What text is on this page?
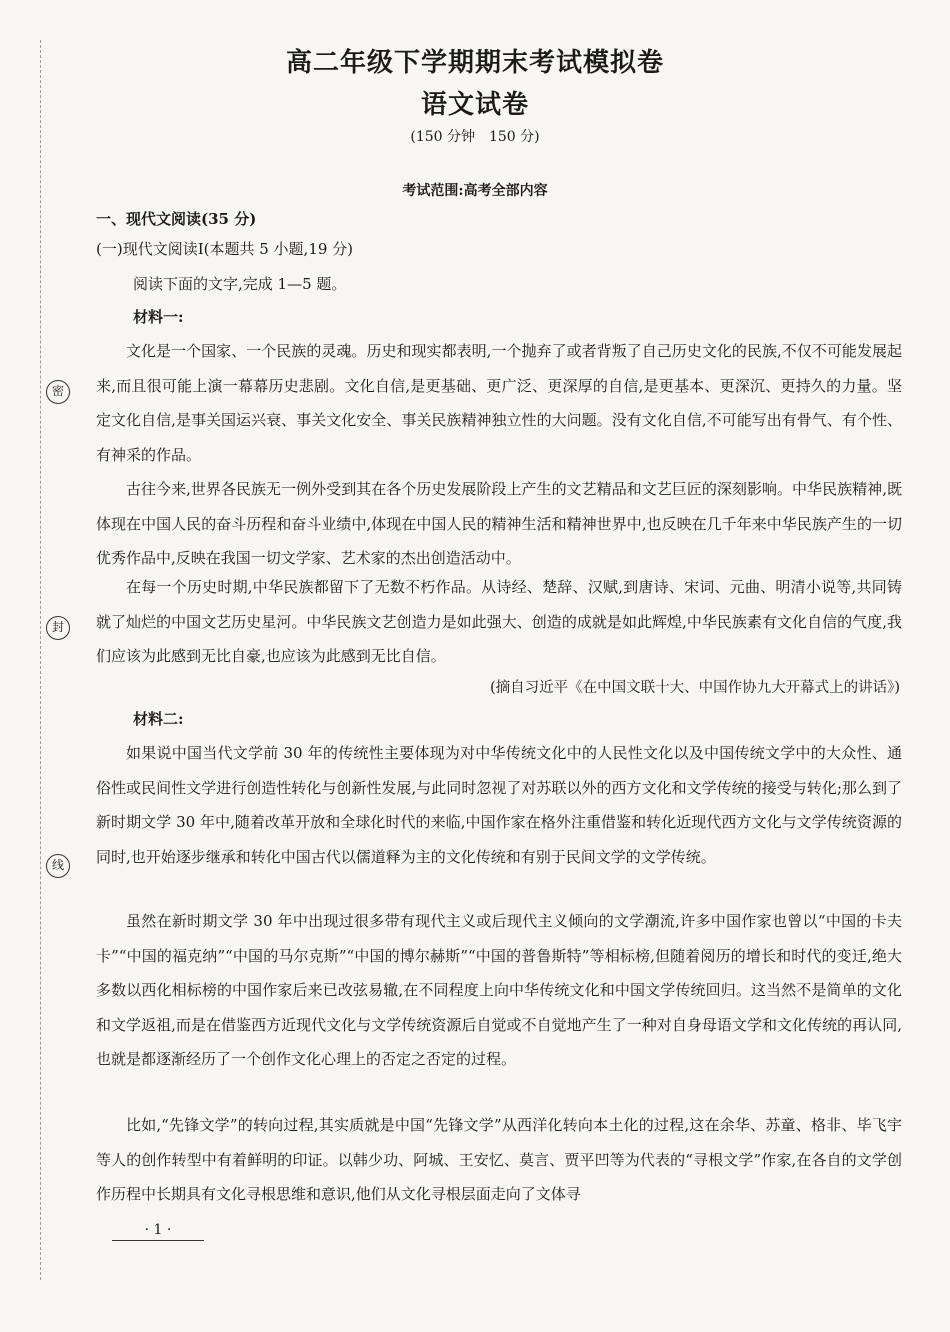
密
封
线
高二年级下学期期末考试模拟卷
语文试卷
(150 分钟　150 分)
考试范围:高考全部内容
一、现代文阅读(35 分)
(一)现代文阅读Ⅰ(本题共 5 小题,19 分)
阅读下面的文字,完成 1—5 题。
材料一:
文化是一个国家、一个民族的灵魂。历史和现实都表明,一个抛弃了或者背叛了自己历史文化的民族,不仅不可能发展起来,而且很可能上演一幕幕历史悲剧。文化自信,是更基础、更广泛、更深厚的自信,是更基本、更深沉、更持久的力量。坚定文化自信,是事关国运兴衰、事关文化安全、事关民族精神独立性的大问题。没有文化自信,不可能写出有骨气、有个性、有神采的作品。
古往今来,世界各民族无一例外受到其在各个历史发展阶段上产生的文艺精品和文艺巨匠的深刻影响。中华民族精神,既体现在中国人民的奋斗历程和奋斗业绩中,体现在中国人民的精神生活和精神世界中,也反映在几千年来中华民族产生的一切优秀作品中,反映在我国一切文学家、艺术家的杰出创造活动中。
在每一个历史时期,中华民族都留下了无数不朽作品。从诗经、楚辞、汉赋,到唐诗、宋词、元曲、明清小说等,共同铸就了灿烂的中国文艺历史星河。中华民族文艺创造力是如此强大、创造的成就是如此辉煌,中华民族素有文化自信的气度,我们应该为此感到无比自豪,也应该为此感到无比自信。
(摘自习近平《在中国文联十大、中国作协九大开幕式上的讲话》)
材料二:
如果说中国当代文学前 30 年的传统性主要体现为对中华传统文化中的人民性文化以及中国传统文学中的大众性、通俗性或民间性文学进行创造性转化与创新性发展,与此同时忽视了对苏联以外的西方文化和文学传统的接受与转化;那么到了新时期文学 30 年中,随着改革开放和全球化时代的来临,中国作家在格外注重借鉴和转化近现代西方文化与文学传统资源的同时,也开始逐步继承和转化中国古代以儒道释为主的文化传统和有别于民间文学的文学传统。
虽然在新时期文学 30 年中出现过很多带有现代主义或后现代主义倾向的文学潮流,许多中国作家也曾以“中国的卡夫卡”“中国的福克纳”“中国的马尔克斯”“中国的博尔赫斯”“中国的普鲁斯特”等相标榜,但随着阅历的增长和时代的变迁,绝大多数以西化相标榜的中国作家后来已改弦易辙,在不同程度上向中华传统文化和中国文学传统回归。这当然不是简单的文化和文学返祖,而是在借鉴西方近现代文化与文学传统资源后自觉或不自觉地产生了一种对自身母语文学和文化传统的再认同,也就是都逐渐经历了一个创作文化心理上的否定之否定的过程。
比如,“先锋文学”的转向过程,其实质就是中国“先锋文学”从西洋化转向本土化的过程,这在余华、苏童、格非、毕飞宇等人的创作转型中有着鲜明的印证。以韩少功、阿城、王安忆、莫言、贾平凹等为代表的“寻根文学”作家,在各自的文学创作历程中长期具有文化寻根思维和意识,他们从文化寻根层面走向了文体寻
· 1 ·
